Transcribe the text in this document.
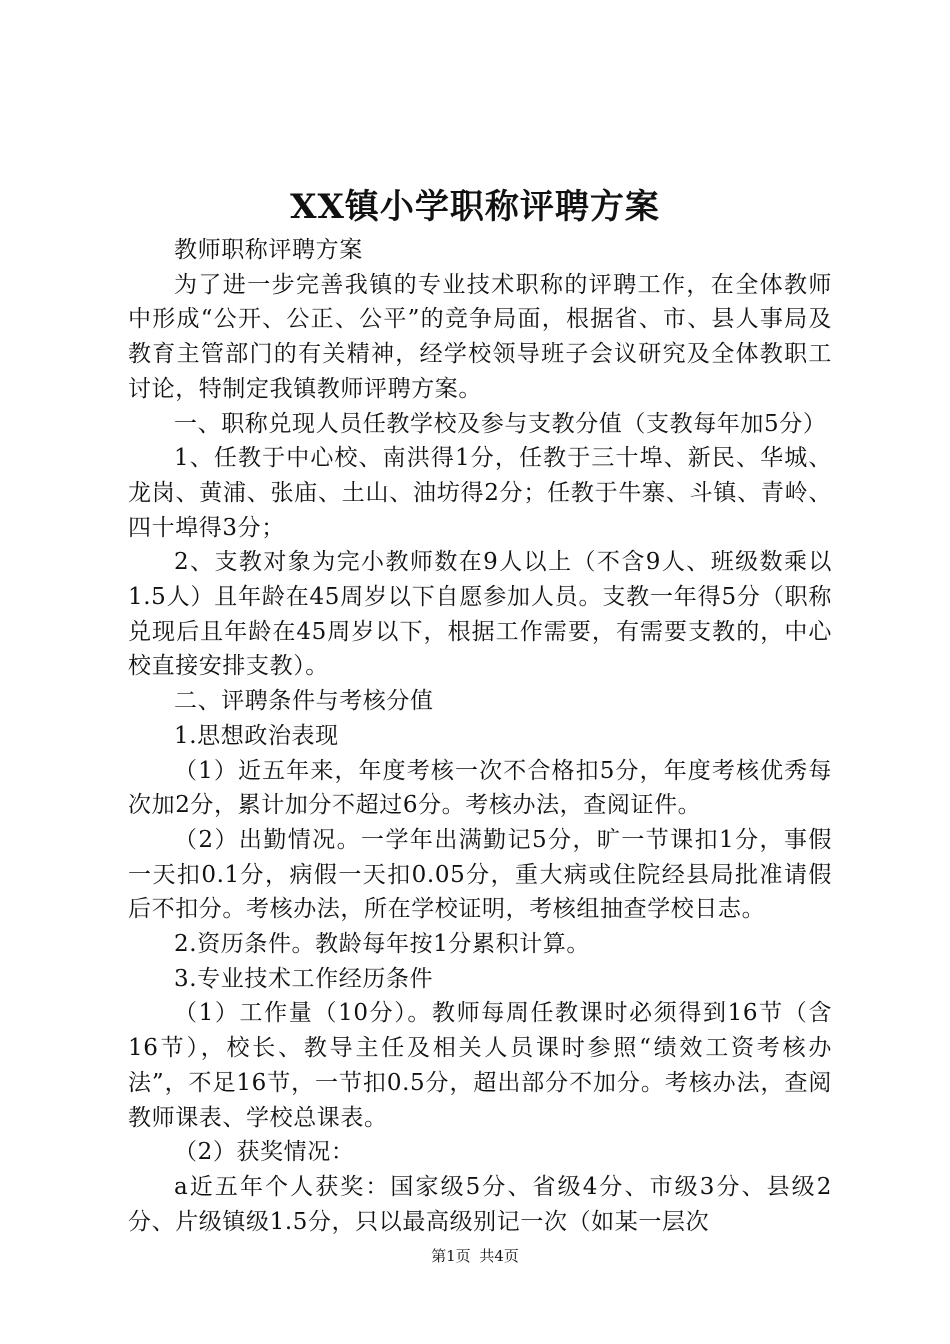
XX镇小学职称评聘方案

教师职称评聘方案

为了进一步完善我镇的专业技术职称的评聘工作，在全体教师中形成“公开、公正、公平”的竞争局面，根据省、市、县人事局及教育主管部门的有关精神，经学校领导班子会议研究及全体教职工讨论，特制定我镇教师评聘方案。

一、职称兑现人员任教学校及参与支教分值（支教每年加5分）

1、任教于中心校、南洪得1分，任教于三十埠、新民、华城、龙岗、黄浦、张庙、土山、油坊得2分；任教于牛寨、斗镇、青岭、四十埠得3分；

2、支教对象为完小教师数在9人以上（不含9人、班级数乘以1.5人）且年龄在45周岁以下自愿参加人员。支教一年得5分（职称兑现后且年龄在45周岁以下，根据工作需要，有需要支教的，中心校直接安排支教）。

二、评聘条件与考核分值

1.思想政治表现

（1）近五年来，年度考核一次不合格扣5分，年度考核优秀每次加2分，累计加分不超过6分。考核办法，查阅证件。

（2）出勤情况。一学年出满勤记5分，旷一节课扣1分，事假一天扣0.1分，病假一天扣0.05分，重大病或住院经县局批准请假后不扣分。考核办法，所在学校证明，考核组抽查学校日志。

2.资历条件。教龄每年按1分累积计算。

3.专业技术工作经历条件

（1）工作量（10分）。教师每周任教课时必须得到16节（含16节），校长、教导主任及相关人员课时参照“绩效工资考核办法”，不足16节，一节扣0.5分，超出部分不加分。考核办法，查阅教师课表、学校总课表。

（2）获奖情况：

a近五年个人获奖：国家级5分、省级4分、市级3分、县级2分、片级镇级1.5分，只以最高级别记一次（如某一层次

第1页 共4页
